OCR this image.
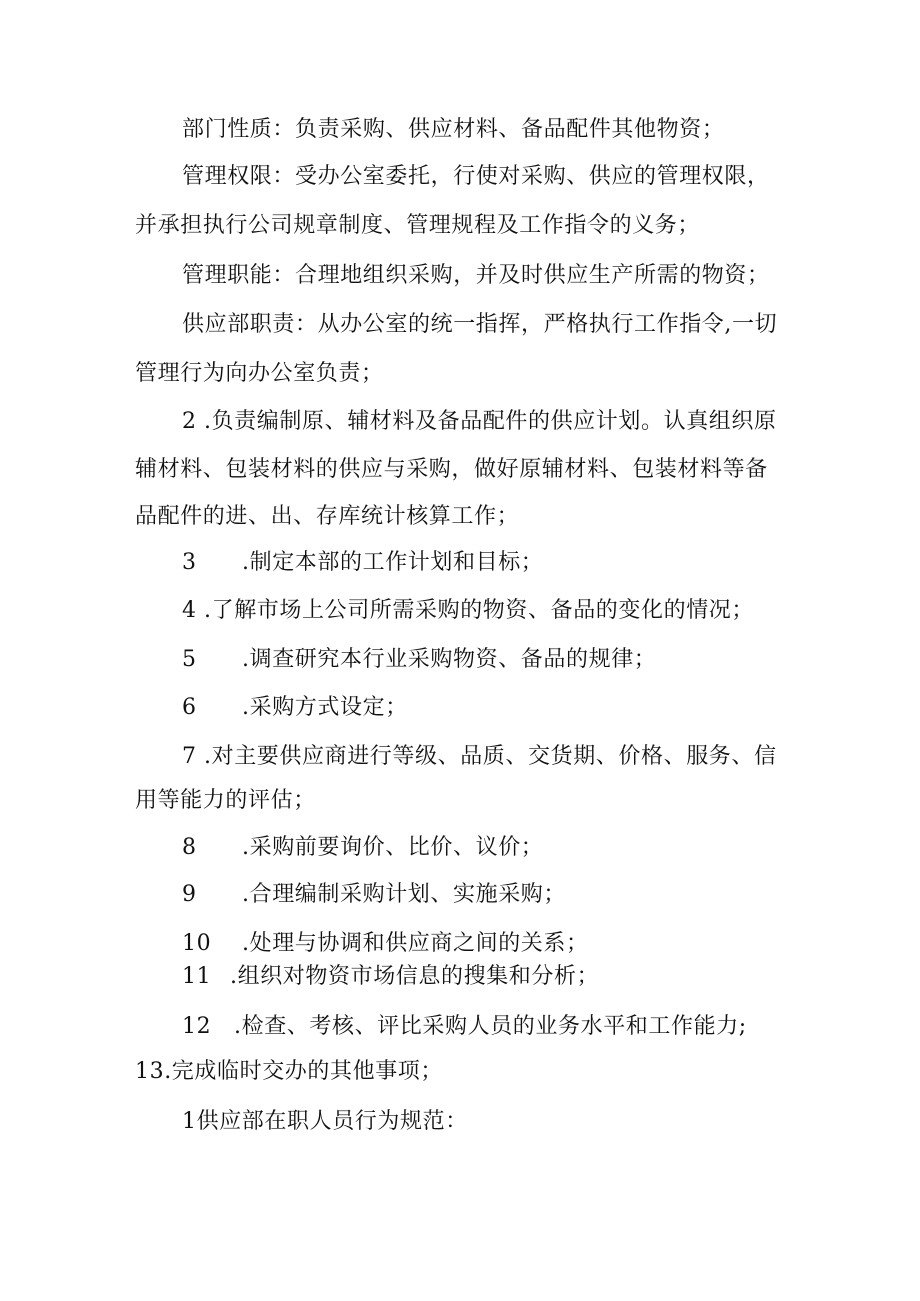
部门性质：负责采购、供应材料、备品配件其他物资；
管理权限：受办公室委托，行使对采购、供应的管理权限，
并承担执行公司规章制度、管理规程及工作指令的义务；
管理职能：合理地组织采购，并及时供应生产所需的物资；
供应部职责：从办公室的统一指挥，严格执行工作指令,一切
管理行为向办公室负责；
2 .负责编制原、辅材料及备品配件的供应计划。认真组织原
辅材料、包装材料的供应与采购，做好原辅材料、包装材料等备
品配件的进、出、存库统计核算工作；
3 .制定本部的工作计划和目标；
4 .了解市场上公司所需采购的物资、备品的变化的情况；
5 .调查研究本行业采购物资、备品的规律；
6 .采购方式设定；
7 .对主要供应商进行等级、品质、交货期、价格、服务、信
用等能力的评估；
8 .采购前要询价、比价、议价；
9 .合理编制采购计划、实施采购；
10 .处理与协调和供应商之间的关系；
11 .组织对物资市场信息的搜集和分析；
12 .检查、考核、评比采购人员的业务水平和工作能力;
13.完成临时交办的其他事项；
1供应部在职人员行为规范：
